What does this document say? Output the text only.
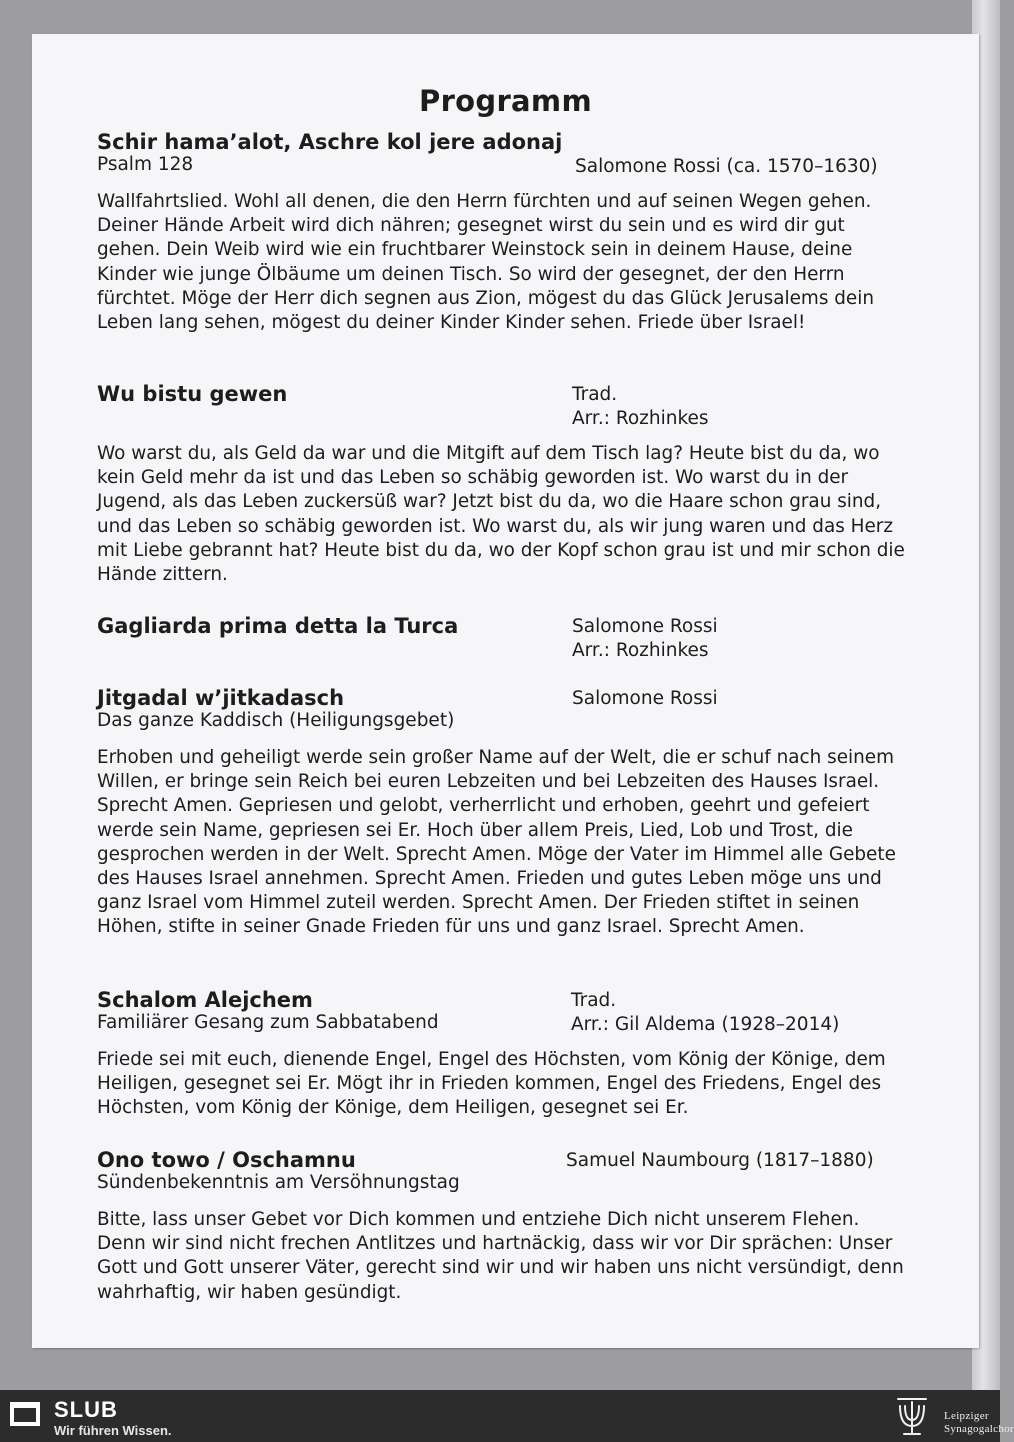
Programm
Schir hama’alot, Aschre kol jere adonaj
Psalm 128	Salomone Rossi (ca. 1570–1630)
Wallfahrtslied. Wohl all denen, die den Herrn fürchten und auf seinen Wegen gehen. Deiner Hände Arbeit wird dich nähren; gesegnet wirst du sein und es wird dir gut gehen. Dein Weib wird wie ein fruchtbarer Weinstock sein in deinem Hause, deine Kinder wie junge Ölbäume um deinen Tisch. So wird der gesegnet, der den Herrn fürchtet. Möge der Herr dich segnen aus Zion, mögest du das Glück Jerusalems dein Leben lang sehen, mögest du deiner Kinder Kinder sehen. Friede über Israel!
Wu bistu gewen	Trad.
Arr.: Rozhinkes
Wo warst du, als Geld da war und die Mitgift auf dem Tisch lag? Heute bist du da, wo kein Geld mehr da ist und das Leben so schäbig geworden ist. Wo warst du in der Jugend, als das Leben zuckersüß war? Jetzt bist du da, wo die Haare schon grau sind, und das Leben so schäbig geworden ist. Wo warst du, als wir jung waren und das Herz mit Liebe gebrannt hat? Heute bist du da, wo der Kopf schon grau ist und mir schon die Hände zittern.
Gagliarda prima detta la Turca	Salomone Rossi
Arr.: Rozhinkes
Jitgadal w’jitkadasch	Salomone Rossi
Das ganze Kaddisch (Heiligungsgebet)
Erhoben und geheiligt werde sein großer Name auf der Welt, die er schuf nach seinem Willen, er bringe sein Reich bei euren Lebzeiten und bei Lebzeiten des Hauses Israel. Sprecht Amen. Gepriesen und gelobt, verherrlicht und erhoben, geehrt und gefeiert werde sein Name, gepriesen sei Er. Hoch über allem Preis, Lied, Lob und Trost, die gesprochen werden in der Welt. Sprecht Amen. Möge der Vater im Himmel alle Gebete des Hauses Israel annehmen. Sprecht Amen. Frieden und gutes Leben möge uns und ganz Israel vom Himmel zuteil werden. Sprecht Amen. Der Frieden stiftet in seinen Höhen, stifte in seiner Gnade Frieden für uns und ganz Israel. Sprecht Amen.
Schalom Alejchem	Trad.
Familiärer Gesang zum Sabbatabend	Arr.: Gil Aldema (1928–2014)
Friede sei mit euch, dienende Engel, Engel des Höchsten, vom König der Könige, dem Heiligen, gesegnet sei Er. Mögt ihr in Frieden kommen, Engel des Friedens, Engel des Höchsten, vom König der Könige, dem Heiligen, gesegnet sei Er.
Ono towo / Oschamnu	Samuel Naumbourg (1817–1880)
Sündenbekenntnis am Versöhnungstag
Bitte, lass unser Gebet vor Dich kommen und entziehe Dich nicht unserem Flehen. Denn wir sind nicht frechen Antlitzes und hartnäckig, dass wir vor Dir sprächen: Unser Gott und Gott unserer Väter, gerecht sind wir und wir haben uns nicht versündigt, denn wahrhaftig, wir haben gesündigt.
SLUB
Wir führen Wissen.
Leipziger
Synagogalchor
